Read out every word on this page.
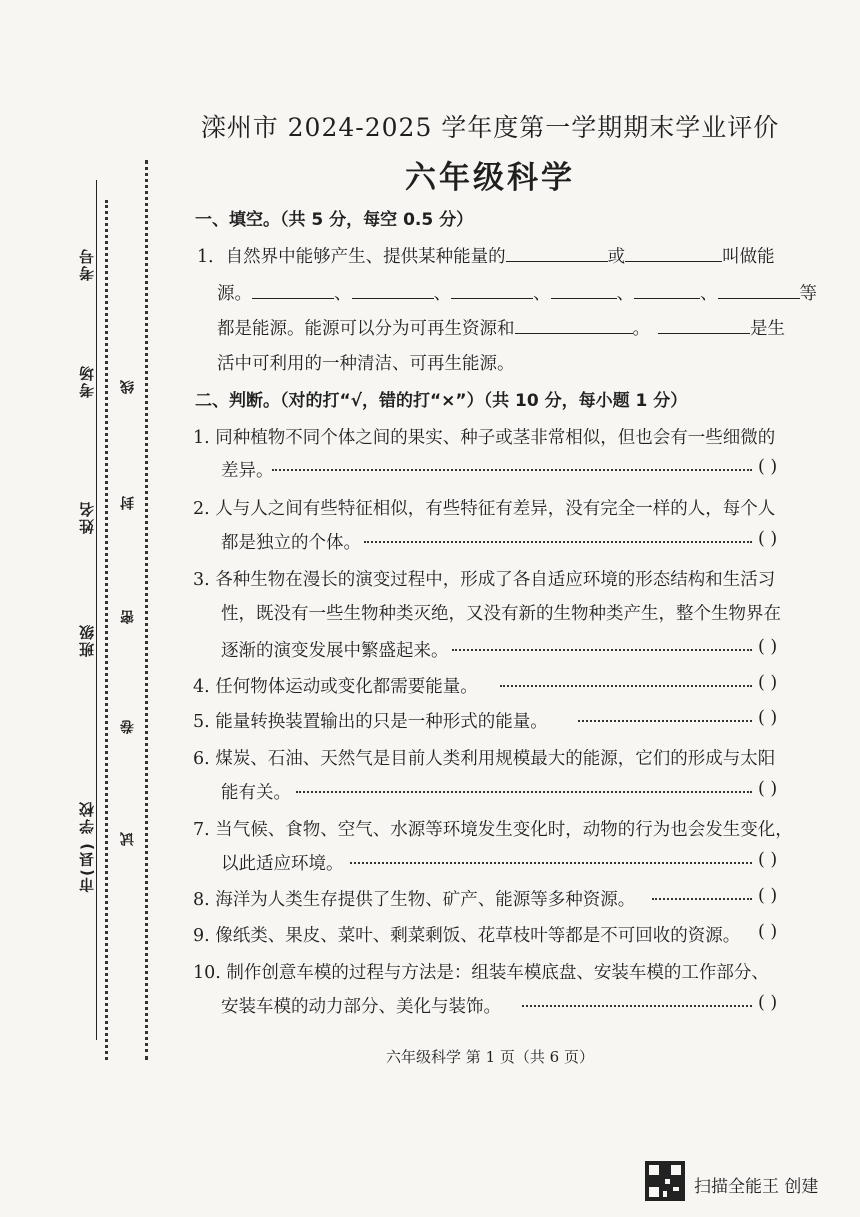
考号
考场
姓名
班级
市(县) 学校
线
封
密
卷
试
滦州市 2024-2025 学年度第一学期期末学业评价
六年级科学
一、填空。（共 5 分，每空 0.5 分）
1．自然界中能够产生、提供某种能量的	或	叫做能
源。	、	、	、	、	、	等
都是能源。能源可以分为可再生资源和	。	是生
活中可利用的一种清洁、可再生能源。
二、判断。（对的打“√，错的打“×”）（共 10 分，每小题 1 分）
1. 同种植物不同个体之间的果实、种子或茎非常相似，但也会有一些细微的
差异。	( )
2. 人与人之间有些特征相似，有些特征有差异，没有完全一样的人，每个人
都是独立的个体。	( )
3. 各种生物在漫长的演变过程中，形成了各自适应环境的形态结构和生活习
性，既没有一些生物种类灭绝，又没有新的生物种类产生，整个生物界在
逐渐的演变发展中繁盛起来。	( )
4. 任何物体运动或变化都需要能量。	( )
5. 能量转换装置输出的只是一种形式的能量。	( )
6. 煤炭、石油、天然气是目前人类利用规模最大的能源，它们的形成与太阳
能有关。	( )
7. 当气候、食物、空气、水源等环境发生变化时，动物的行为也会发生变化，
以此适应环境。	( )
8. 海洋为人类生存提供了生物、矿产、能源等多种资源。	( )
9. 像纸类、果皮、菜叶、剩菜剩饭、花草枝叶等都是不可回收的资源。 ( )
10. 制作创意车模的过程与方法是：组装车模底盘、安装车模的工作部分、
安装车模的动力部分、美化与装饰。	( )
六年级科学 第 1 页（共 6 页）
扫描全能王 创建
